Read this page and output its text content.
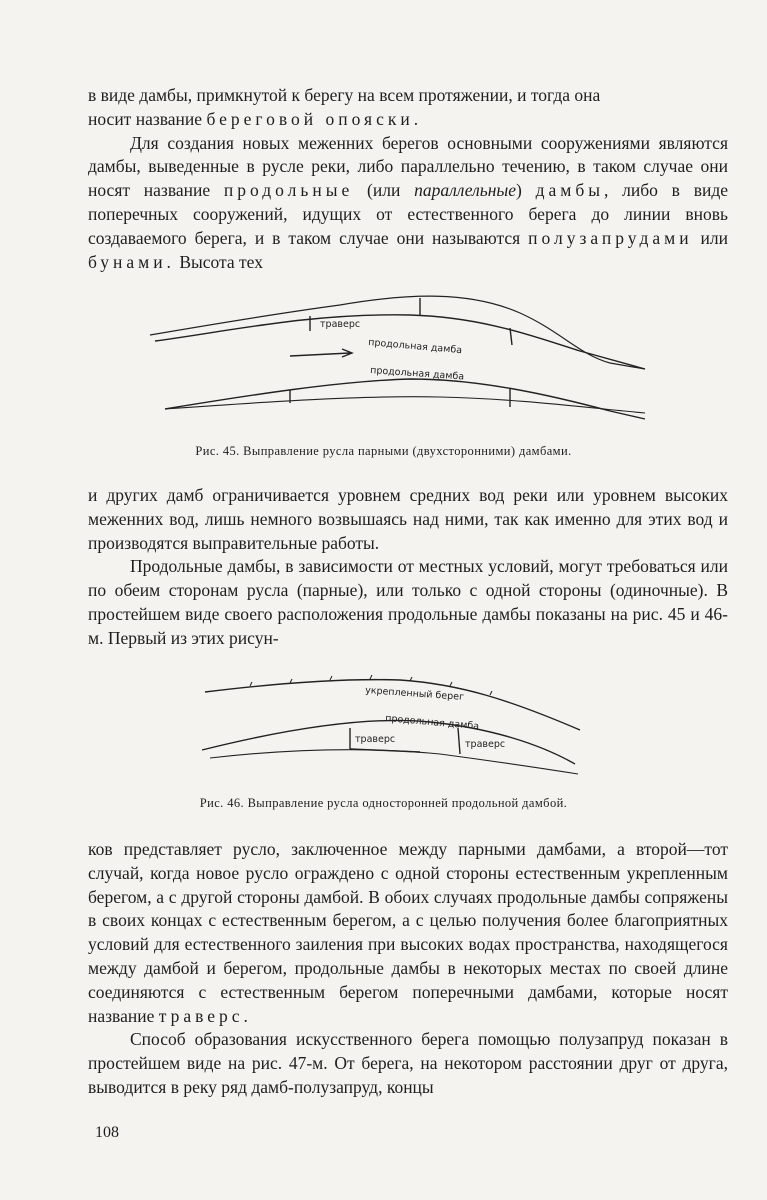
в виде дамбы, примкнутой к берегу на всем протяжении, и тогда она

носит название береговой опояски.

Для создания новых меженних берегов основными сооружениями являются дамбы, выведенные в русле реки, либо параллельно течению, в таком случае они носят название продольные (или параллельные) дамбы, либо в виде поперечных сооружений, идущих от естественного берега до линии вновь создаваемого берега, и в таком случае они называются полузапрудами или бунами. Высота тех

траверс
продольная дамба
продольная дамба
Рис. 45. Выправление русла парными (двухсторонними) дамбами.

и других дамб ограничивается уровнем средних вод реки или уровнем высоких меженних вод, лишь немного возвышаясь над ними, так как именно для этих вод и производятся выправительные работы.

Продольные дамбы, в зависимости от местных условий, могут требоваться или по обеим сторонам русла (парные), или только с одной стороны (одиночные). В простейшем виде своего расположения продольные дамбы показаны на рис. 45 и 46-м. Первый из этих рисун-

укрепленный берег
продольная дамба
траверс	траверс
Рис. 46. Выправление русла односторонней продольной дамбой.

ков представляет русло, заключенное между парными дамбами, а второй—тот случай, когда новое русло ограждено с одной стороны естественным укрепленным берегом, а с другой стороны дамбой. В обоих случаях продольные дамбы сопряжены в своих концах с естественным берегом, а с целью получения более благоприятных условий для естественного заиления при высоких водах пространства, находящегося между дамбой и берегом, продольные дамбы в некоторых местах по своей длине соединяются с естественным берегом поперечными дамбами, которые носят название траверс.

Способ образования искусственного берега помощью полузапруд показан в простейшем виде на рис. 47-м. От берега, на некотором расстоянии друг от друга, выводится в реку ряд дамб-полузапруд, концы

108
